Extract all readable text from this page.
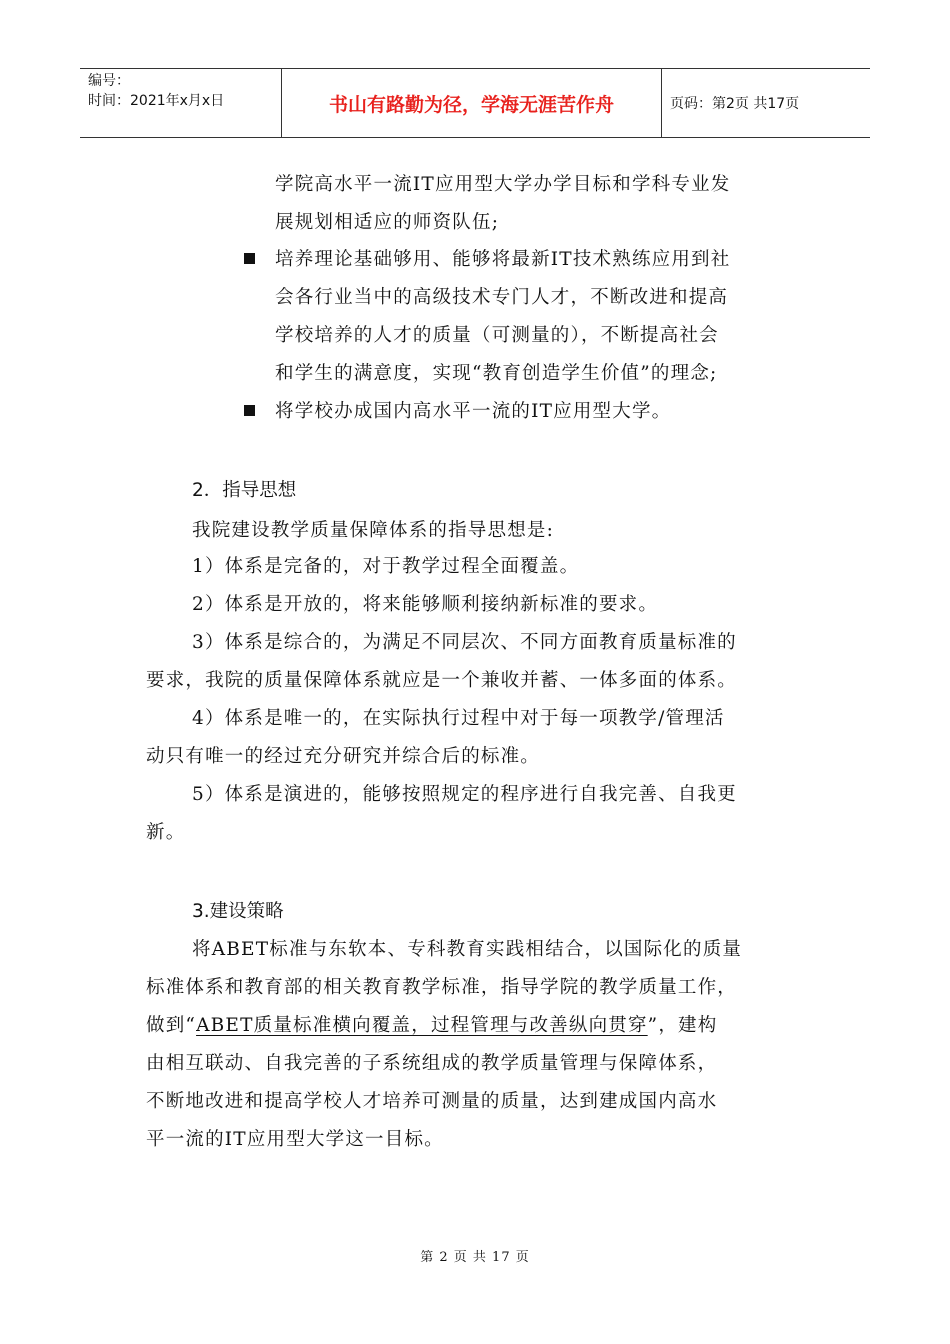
编号：
时间：2021年x月x日	书山有路勤为径，学海无涯苦作舟	页码：第2页 共17页
学院高水平一流IT应用型大学办学目标和学科专业发
展规划相适应的师资队伍;
培养理论基础够用、能够将最新IT技术熟练应用到社
会各行业当中的高级技术专门人才，不断改进和提高
学校培养的人才的质量（可测量的），不断提高社会
和学生的满意度，实现“教育创造学生价值”的理念;
将学校办成国内高水平一流的IT应用型大学。
2．指导思想
我院建设教学质量保障体系的指导思想是:
1）体系是完备的，对于教学过程全面覆盖。
2）体系是开放的，将来能够顺利接纳新标准的要求。
3）体系是综合的，为满足不同层次、不同方面教育质量标准的
要求，我院的质量保障体系就应是一个兼收并蓄、一体多面的体系。
4）体系是唯一的，在实际执行过程中对于每一项教学/管理活
动只有唯一的经过充分研究并综合后的标准。
5）体系是演进的，能够按照规定的程序进行自我完善、自我更
新。
3.建设策略
将ABET标准与东软本、专科教育实践相结合，以国际化的质量
标准体系和教育部的相关教育教学标准，指导学院的教学质量工作，
做到“ABET质量标准横向覆盖，过程管理与改善纵向贯穿”，建构
由相互联动、自我完善的子系统组成的教学质量管理与保障体系，
不断地改进和提高学校人才培养可测量的质量，达到建成国内高水
平一流的IT应用型大学这一目标。
第 2 页 共 17 页
